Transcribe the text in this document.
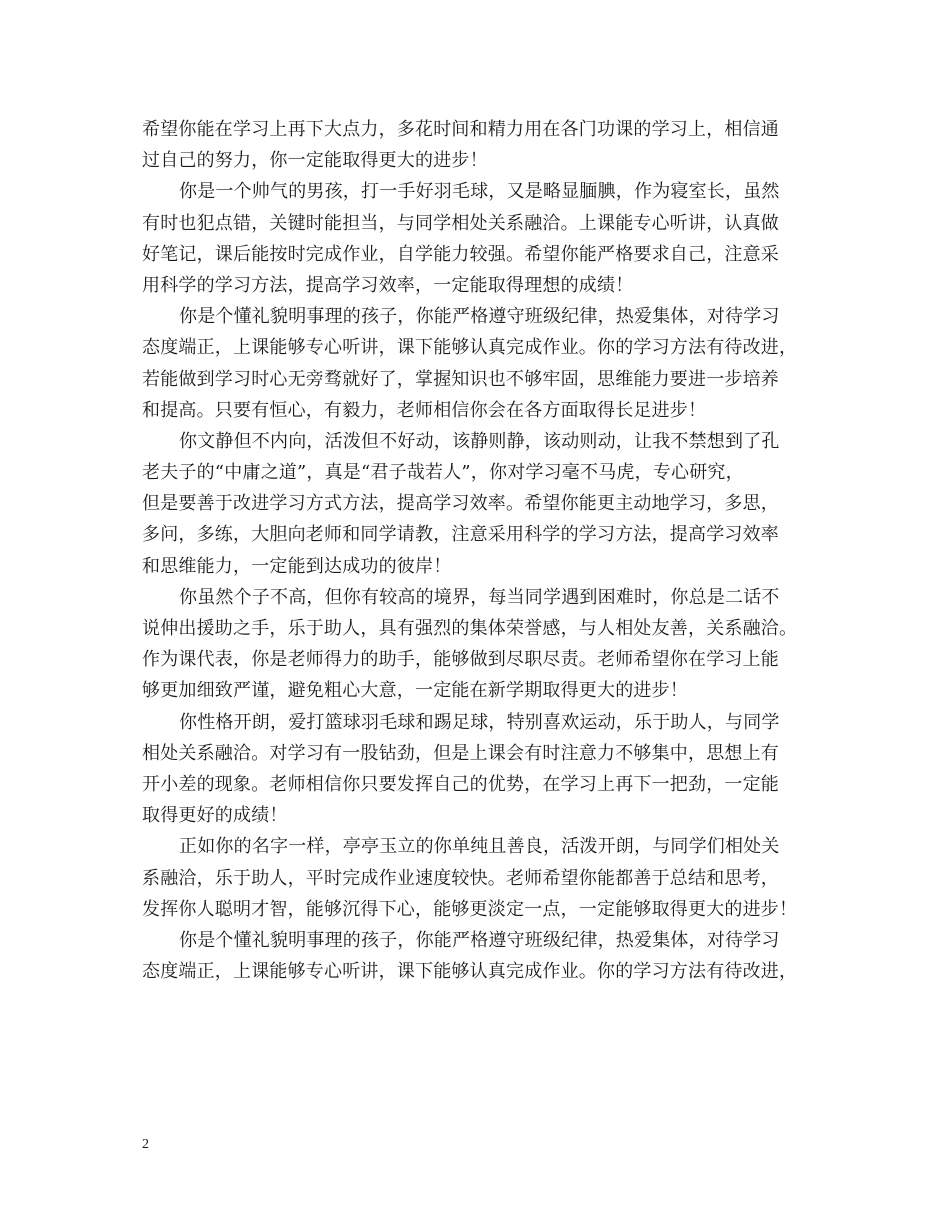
希望你能在学习上再下大点力，多花时间和精力用在各门功课的学习上，相信通
过自己的努力，你一定能取得更大的进步！
你是一个帅气的男孩，打一手好羽毛球，又是略显腼腆，作为寝室长，虽然
有时也犯点错，关键时能担当，与同学相处关系融洽。上课能专心听讲，认真做
好笔记，课后能按时完成作业，自学能力较强。希望你能严格要求自己，注意采
用科学的学习方法，提高学习效率，一定能取得理想的成绩！
你是个懂礼貌明事理的孩子，你能严格遵守班级纪律，热爱集体，对待学习
态度端正，上课能够专心听讲，课下能够认真完成作业。你的学习方法有待改进，
若能做到学习时心无旁骛就好了，掌握知识也不够牢固，思维能力要进一步培养
和提高。只要有恒心，有毅力，老师相信你会在各方面取得长足进步！
你文静但不内向，活泼但不好动，该静则静，该动则动，让我不禁想到了孔
老夫子的“中庸之道”，真是“君子哉若人”，你对学习毫不马虎，专心研究，
但是要善于改进学习方式方法，提高学习效率。希望你能更主动地学习，多思，
多问，多练，大胆向老师和同学请教，注意采用科学的学习方法，提高学习效率
和思维能力，一定能到达成功的彼岸！
你虽然个子不高，但你有较高的境界，每当同学遇到困难时，你总是二话不
说伸出援助之手，乐于助人，具有强烈的集体荣誉感，与人相处友善，关系融洽。
作为课代表，你是老师得力的助手，能够做到尽职尽责。老师希望你在学习上能
够更加细致严谨，避免粗心大意，一定能在新学期取得更大的进步！
你性格开朗，爱打篮球羽毛球和踢足球，特别喜欢运动，乐于助人，与同学
相处关系融洽。对学习有一股钻劲，但是上课会有时注意力不够集中，思想上有
开小差的现象。老师相信你只要发挥自己的优势，在学习上再下一把劲，一定能
取得更好的成绩！
正如你的名字一样，亭亭玉立的你单纯且善良，活泼开朗，与同学们相处关
系融洽，乐于助人，平时完成作业速度较快。老师希望你能都善于总结和思考，
发挥你人聪明才智，能够沉得下心，能够更淡定一点，一定能够取得更大的进步！
你是个懂礼貌明事理的孩子，你能严格遵守班级纪律，热爱集体，对待学习
态度端正，上课能够专心听讲，课下能够认真完成作业。你的学习方法有待改进，
2
